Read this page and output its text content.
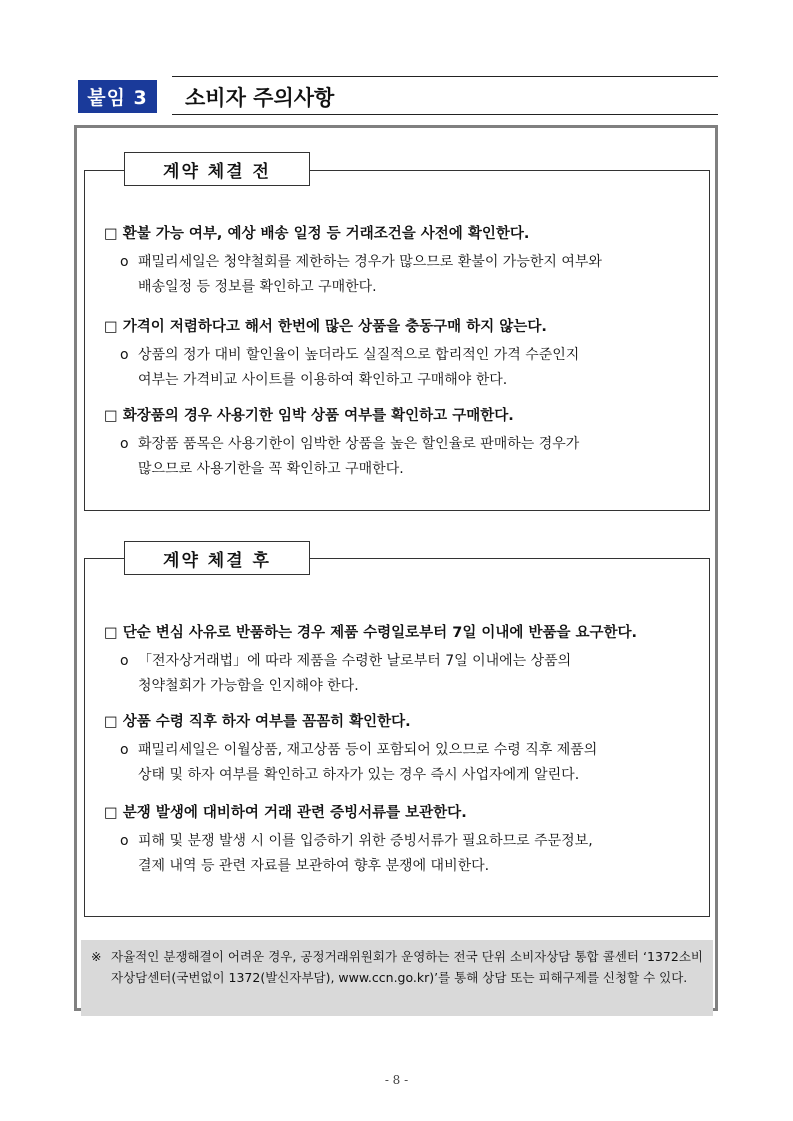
붙임 3	소비자 주의사항
계약 체결 전
□ 환불 가능 여부, 예상 배송 일정 등 거래조건을 사전에 확인한다.
o 패밀리세일은 청약철회를 제한하는 경우가 많으므로 환불이 가능한지 여부와
배송일정 등 정보를 확인하고 구매한다.
□ 가격이 저렴하다고 해서 한번에 많은 상품을 충동구매 하지 않는다.
o 상품의 정가 대비 할인율이 높더라도 실질적으로 합리적인 가격 수준인지
여부는 가격비교 사이트를 이용하여 확인하고 구매해야 한다.
□ 화장품의 경우 사용기한 임박 상품 여부를 확인하고 구매한다.
o 화장품 품목은 사용기한이 임박한 상품을 높은 할인율로 판매하는 경우가
많으므로 사용기한을 꼭 확인하고 구매한다.
계약 체결 후
□ 단순 변심 사유로 반품하는 경우 제품 수령일로부터 7일 이내에 반품을 요구한다.
o 「전자상거래법」에 따라 제품을 수령한 날로부터 7일 이내에는 상품의
청약철회가 가능함을 인지해야 한다.
□ 상품 수령 직후 하자 여부를 꼼꼼히 확인한다.
o 패밀리세일은 이월상품, 재고상품 등이 포함되어 있으므로 수령 직후 제품의
상태 및 하자 여부를 확인하고 하자가 있는 경우 즉시 사업자에게 알린다.
□ 분쟁 발생에 대비하여 거래 관련 증빙서류를 보관한다.
o 피해 및 분쟁 발생 시 이를 입증하기 위한 증빙서류가 필요하므로 주문정보,
결제 내역 등 관련 자료를 보관하여 향후 분쟁에 대비한다.
※ 자율적인 분쟁해결이 어려운 경우, 공정거래위원회가 운영하는 전국 단위 소비자상담 통합 콜센터 ‘1372소비자상담센터(국번없이 1372(발신자부담), www.ccn.go.kr)’를 통해 상담 또는 피해구제를 신청할 수 있다.
- 8 -
